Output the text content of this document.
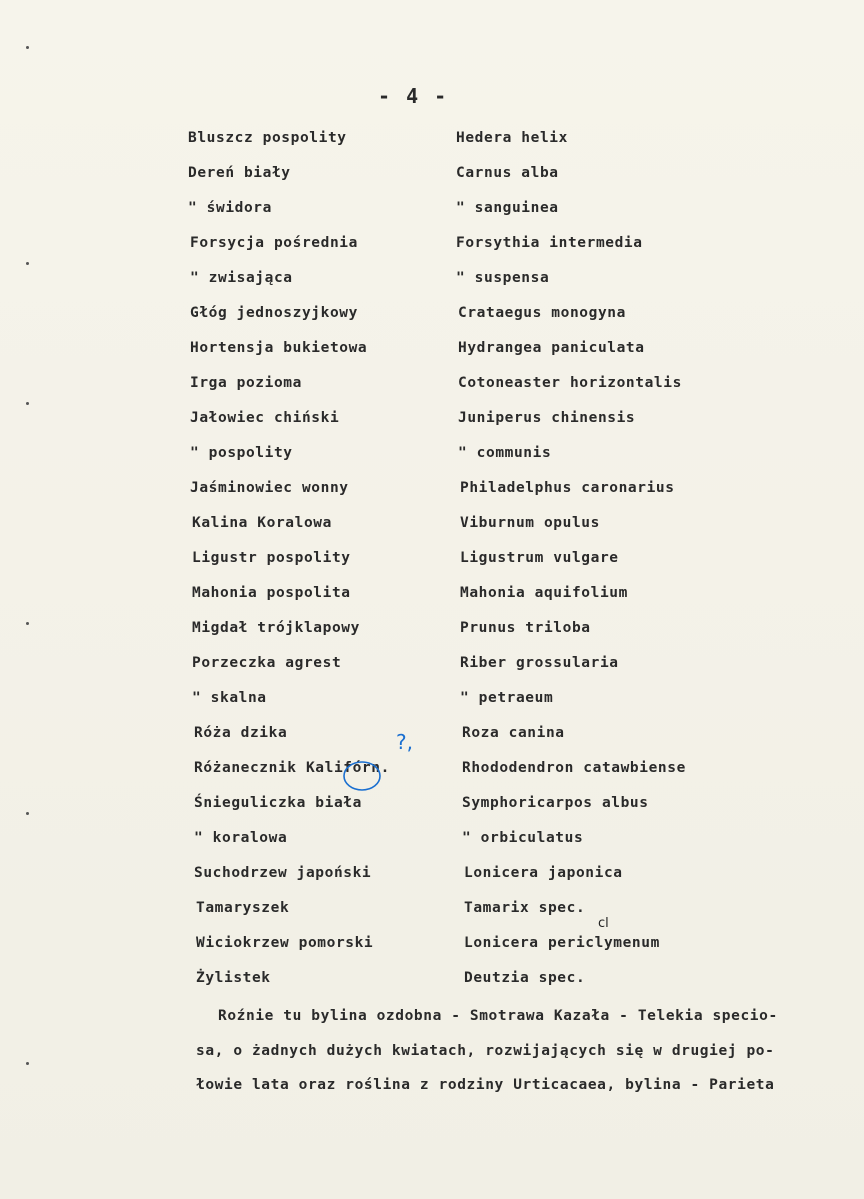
- 4 -
Bluszcz pospolity	Hedera helix
Dereń biały	Carnus alba
" świdora	" sanguinea
Forsycja pośrednia	Forsythia intermedia
" zwisająca	" suspensa
Głóg jednoszyjkowy	Crataegus monogyna
Hortensja bukietowa	Hydrangea paniculata
Irga pozioma	Cotoneaster horizontalis
Jałowiec chiński	Juniperus chinensis
" pospolity	" communis
Jaśminowiec wonny	Philadelphus caronarius
Kalina Koralowa	Viburnum opulus
Ligustr pospolity	Ligustrum vulgare
Mahonia pospolita	Mahonia aquifolium
Migdał trójklapowy	Prunus triloba
Porzeczka agrest	Riber grossularia
" skalna	" petraeum
Róża dzika	Roza canina
Różanecznik Kalifórn.	Rhododendron catawbiense
Śnieguliczka biała	Symphoricarpos albus
" koralowa	" orbiculatus
Suchodrzew japoński	Lonicera japonica
Tamaryszek	Tamarix spec.
Wiciokrzew pomorski	Lonicera periclymenum
Żylistek	Deutzia spec.
Roźnie tu bylina ozdobna - Smotrawa Kazała - Telekia specio-
sa, o żadnych dużych kwiatach, rozwijających się w drugiej po-
łowie lata oraz roślina z rodziny Urticacaea, bylina - Parieta
?,
cl
